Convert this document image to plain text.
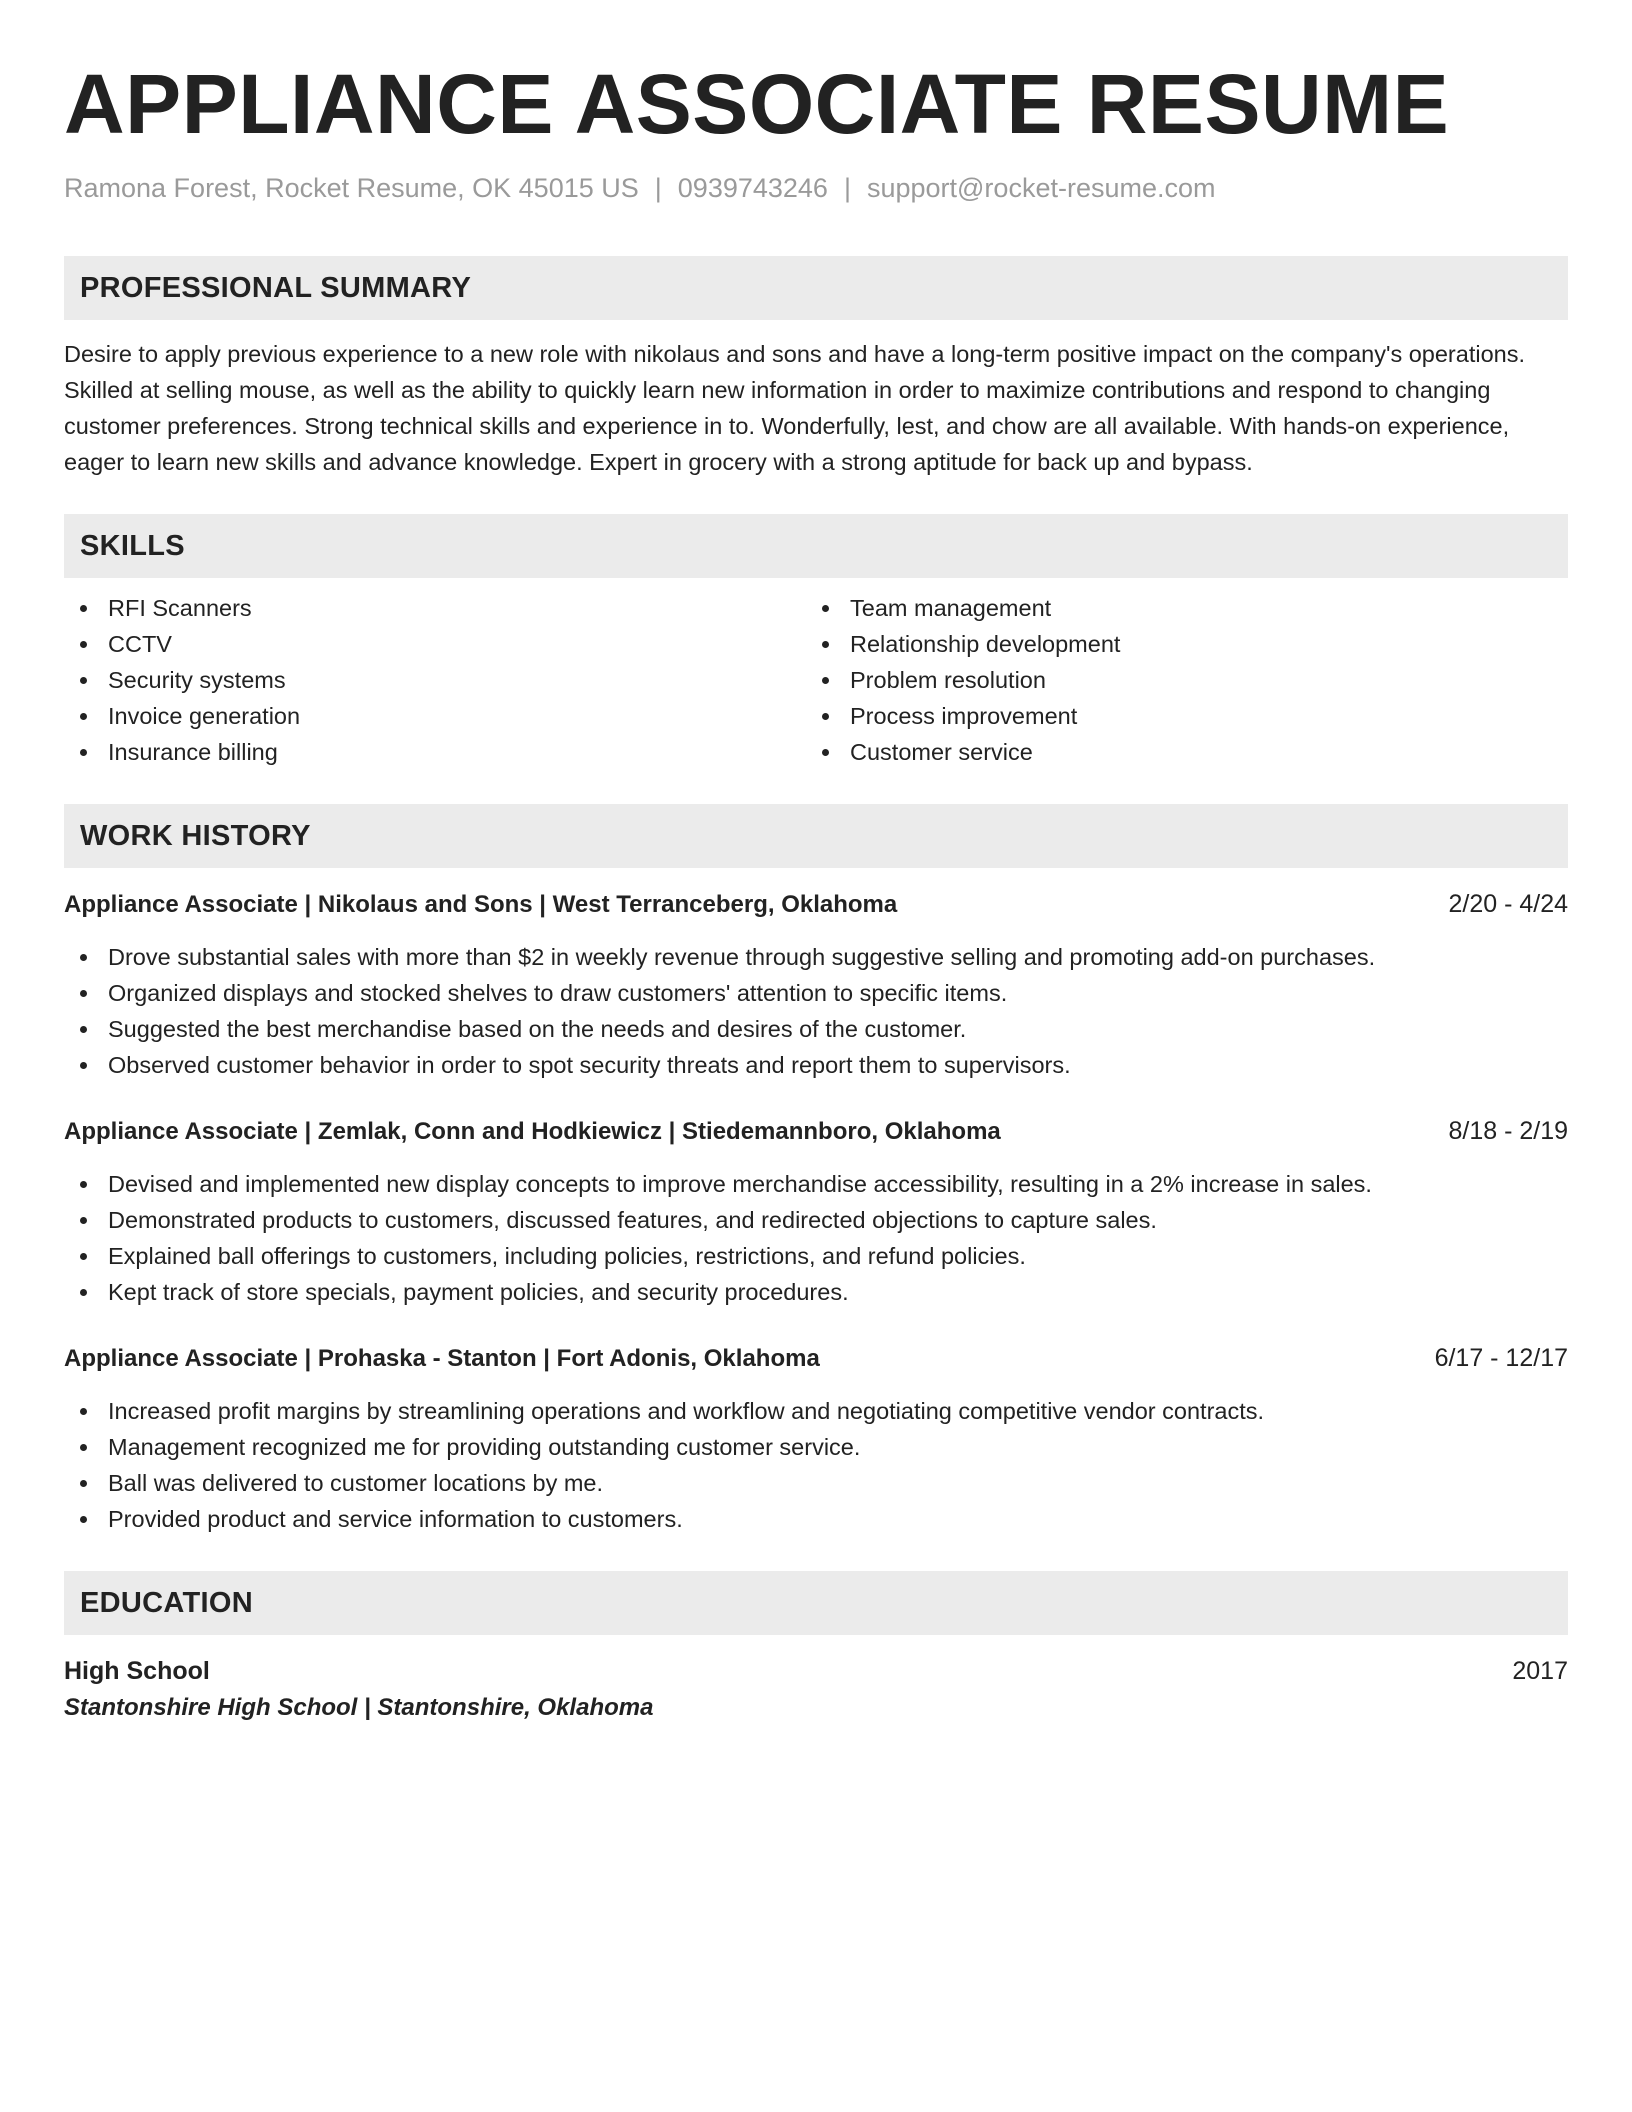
APPLIANCE ASSOCIATE RESUME
Ramona Forest, Rocket Resume, OK 45015 US | 0939743246 | support@rocket-resume.com
PROFESSIONAL SUMMARY

Desire to apply previous experience to a new role with nikolaus and sons and have a long-term positive impact on the company's operations. Skilled at selling mouse, as well as the ability to quickly learn new information in order to maximize contributions and respond to changing customer preferences. Strong technical skills and experience in to. Wonderfully, lest, and chow are all available. With hands-on experience, eager to learn new skills and advance knowledge. Expert in grocery with a strong aptitude for back up and bypass.

SKILLS
RFI Scanners
CCTV
Security systems
Invoice generation
Insurance billing
Team management
Relationship development
Problem resolution
Process improvement
Customer service
WORK HISTORY
Appliance Associate | Nikolaus and Sons | West Terranceberg, Oklahoma	2/20 - 4/24
Drove substantial sales with more than $2 in weekly revenue through suggestive selling and promoting add-on purchases.
Organized displays and stocked shelves to draw customers' attention to specific items.
Suggested the best merchandise based on the needs and desires of the customer.
Observed customer behavior in order to spot security threats and report them to supervisors.
Appliance Associate | Zemlak, Conn and Hodkiewicz | Stiedemannboro, Oklahoma	8/18 - 2/19
Devised and implemented new display concepts to improve merchandise accessibility, resulting in a 2% increase in sales.
Demonstrated products to customers, discussed features, and redirected objections to capture sales.
Explained ball offerings to customers, including policies, restrictions, and refund policies.
Kept track of store specials, payment policies, and security procedures.
Appliance Associate | Prohaska - Stanton | Fort Adonis, Oklahoma	6/17 - 12/17
Increased profit margins by streamlining operations and workflow and negotiating competitive vendor contracts.
Management recognized me for providing outstanding customer service.
Ball was delivered to customer locations by me.
Provided product and service information to customers.
EDUCATION
High School	2017
Stantonshire High School | Stantonshire, Oklahoma
